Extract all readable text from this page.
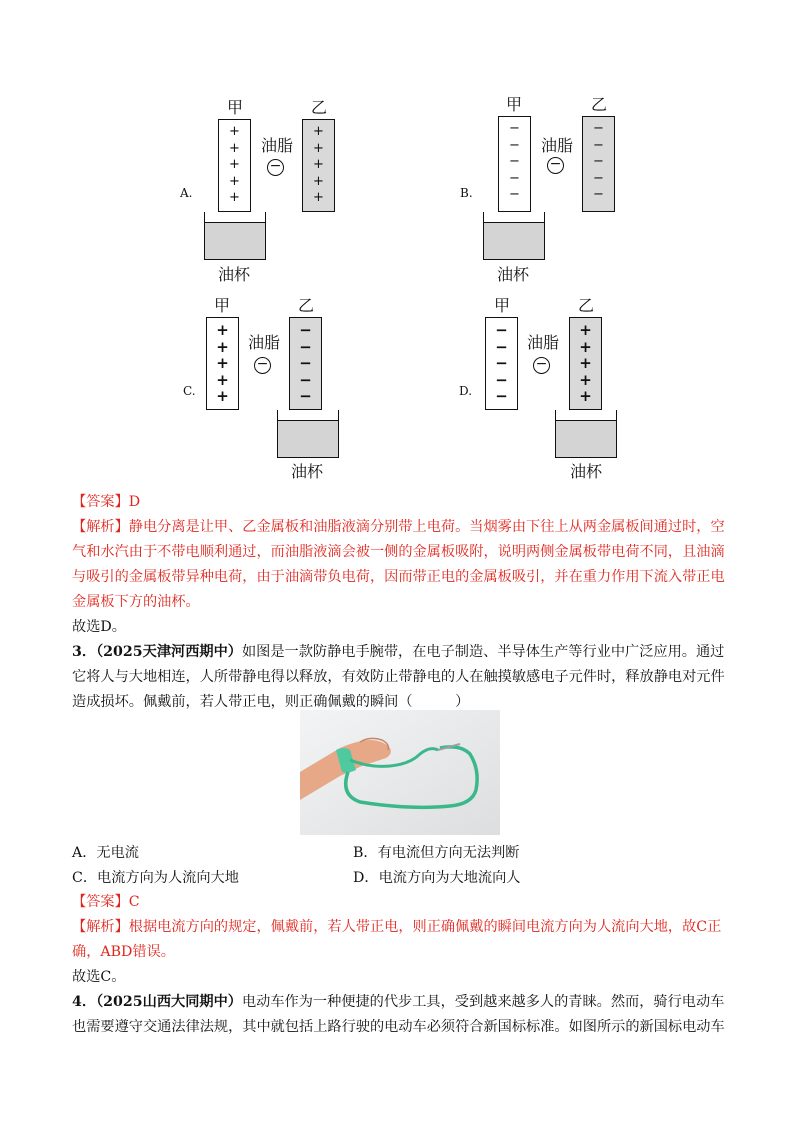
A.
甲	乙
+
+
+
+
+
+
+
+
+
+
油脂
−
油杯
B.
甲	乙
−
−
−
−
−
−
−
−
−
−
油脂
−
油杯
C.
甲	乙
+
+
+
+
+
−
−
−
−
−
油脂
−
油杯
D.
甲	乙
−
−
−
−
−
+
+
+
+
+
油脂
−
油杯
【答案】D
【解析】静电分离是让甲、乙金属板和油脂液滴分别带上电荷。当烟雾由下往上从两金属板间通过时，空
气和水汽由于不带电顺利通过，而油脂液滴会被一侧的金属板吸附，说明两侧金属板带电荷不同，且油滴
与吸引的金属板带异种电荷，由于油滴带负电荷，因而带正电的金属板吸引，并在重力作用下流入带正电
金属板下方的油杯。
故选D。
3．（2025天津河西期中）如图是一款防静电手腕带，在电子制造、半导体生产等行业中广泛应用。通过
它将人与大地相连，人所带静电得以释放，有效防止带静电的人在触摸敏感电子元件时，释放静电对元件
造成损坏。佩戴前，若人带正电，则正确佩戴的瞬间（　　　）
A．无电流	B．有电流但方向无法判断
C．电流方向为人流向大地	D．电流方向为大地流向人
【答案】C
【解析】根据电流方向的规定，佩戴前，若人带正电，则正确佩戴的瞬间电流方向为人流向大地，故C正
确，ABD错误。
故选C。
4．（2025山西大同期中）电动车作为一种便捷的代步工具，受到越来越多人的青睐。然而，骑行电动车
也需要遵守交通法律法规，其中就包括上路行驶的电动车必须符合新国标标准。如图所示的新国标电动车
